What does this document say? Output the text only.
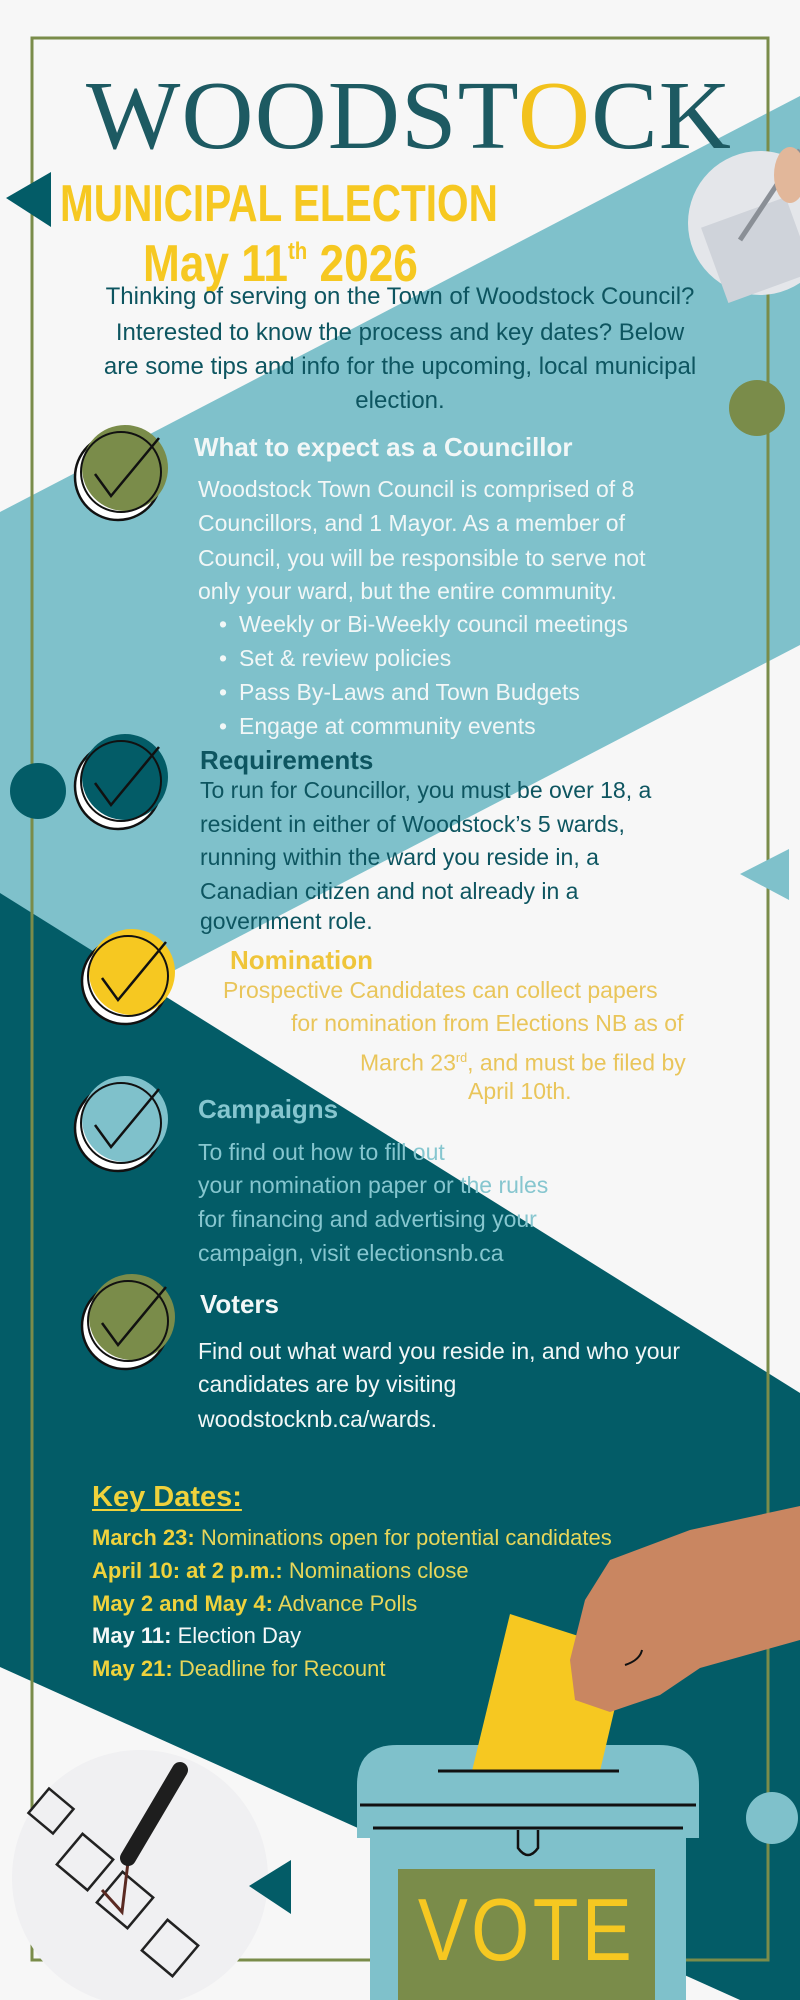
WOODSTOCK
MUNICIPAL ELECTION
May 11th 2026
Thinking of serving on the Town of Woodstock Council?
Interested to know the process and key dates? Below
are some tips and info for the upcoming, local municipal
election.
What to expect as a Councillor
Woodstock Town Council is comprised of 8
Councillors, and 1 Mayor. As a member of
Council, you will be responsible to serve not
only your ward, but the entire community.
• Weekly or Bi-Weekly council meetings
• Set & review policies
• Pass By-Laws and Town Budgets
• Engage at community events
Requirements
To run for Councillor, you must be over 18, a
resident in either of Woodstock’s 5 wards,
running within the ward you reside in, a
Canadian citizen and not already in a
government role.
Nomination
Prospective Candidates can collect papers
for nomination from Elections NB as of
March 23rd, and must be filed by
April 10th.
Campaigns
To find out how to fill out
your nomination paper or the rules
for financing and advertising your
campaign, visit electionsnb.ca
Voters
Find out what ward you reside in, and who your
candidates are by visiting
woodstocknb.ca/wards.
Key Dates:
March 23: Nominations open for potential candidates
April 10: at 2 p.m.: Nominations close
May 2 and May 4: Advance Polls
May 11: Election Day
May 21: Deadline for Recount
VOTE
